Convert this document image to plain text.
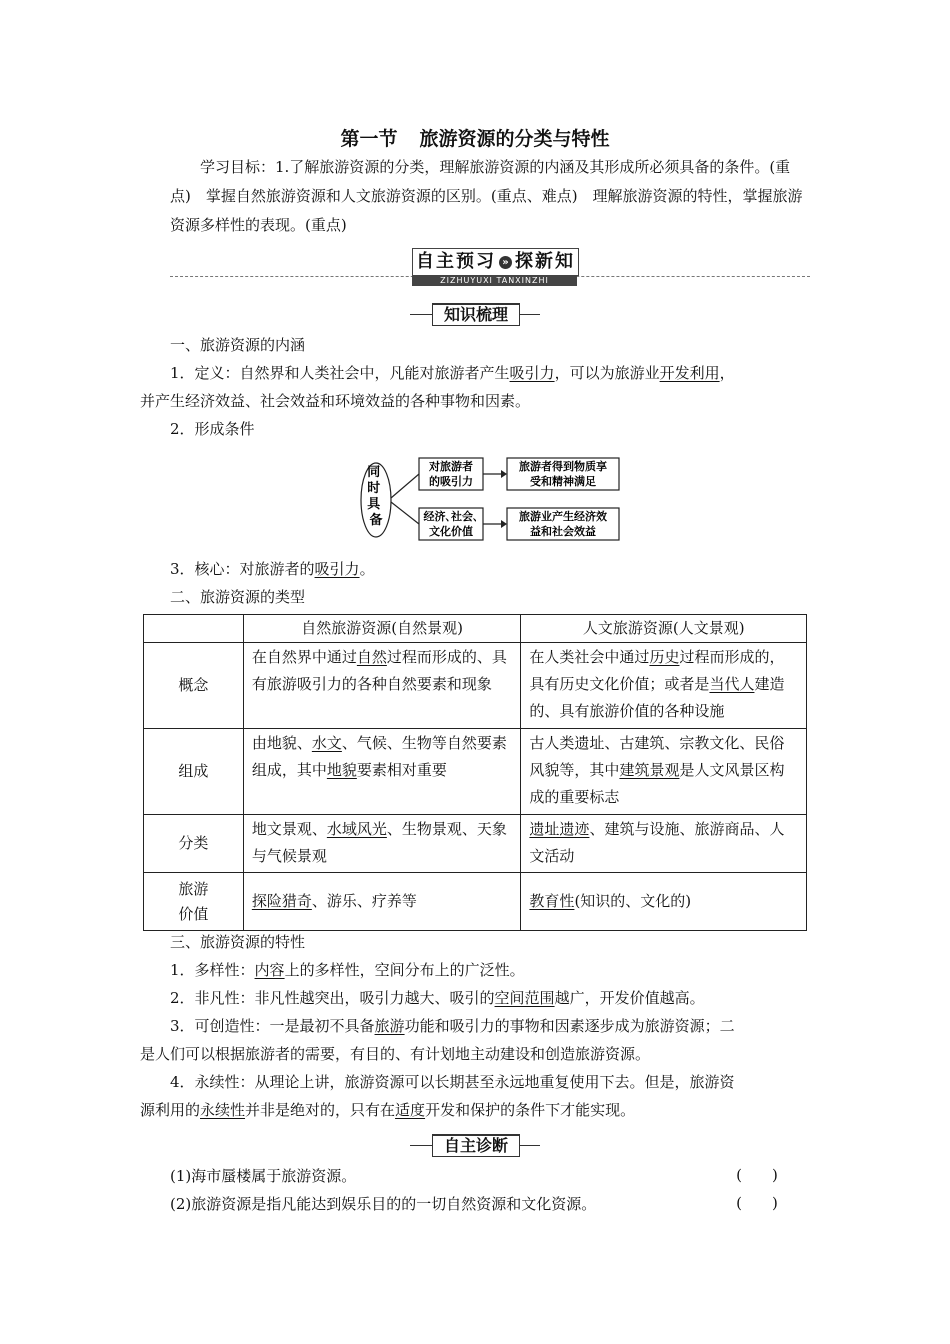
第一节 旅游资源的分类与特性
学习目标：1.了解旅游资源的分类，理解旅游资源的内涵及其形成所必须具备的条件。(重点)　掌握自然旅游资源和人文旅游资源的区别。(重点、难点)　理解旅游资源的特性，掌握旅游资源多样性的表现。(重点)
自主预习 » 探新知
ZIZHUYUXI TANXINZHI
知识梳理
一、旅游资源的内涵
1．定义：自然界和人类社会中，凡能对旅游者产生吸引力，可以为旅游业开发利用，
并产生经济效益、社会效益和环境效益的各种事物和因素。
2．形成条件
同 时 具 备
对旅游者
的吸引力
经济､社会､
文化价值
旅游者得到物质享
受和精神满足
旅游业产生经济效
益和社会效益
3．核心：对旅游者的吸引力。
二、旅游资源的类型
	自然旅游资源(自然景观)	人文旅游资源(人文景观)
概念	在自然界中通过自然过程而形成的、具有旅游吸引力的各种自然要素和现象	在人类社会中通过历史过程而形成的，具有历史文化价值；或者是当代人建造的、具有旅游价值的各种设施
组成	由地貌、水文、气候、生物等自然要素组成，其中地貌要素相对重要	古人类遗址、古建筑、宗教文化、民俗风貌等，其中建筑景观是人文风景区构成的重要标志
分类	地文景观、水域风光、生物景观、天象与气候景观	遗址遗迹、建筑与设施、旅游商品、人文活动
旅游
价值	探险猎奇、游乐、疗养等	教育性(知识的、文化的)
三、旅游资源的特性
1．多样性：内容上的多样性，空间分布上的广泛性。
2．非凡性：非凡性越突出，吸引力越大、吸引的空间范围越广，开发价值越高。
3．可创造性：一是最初不具备旅游功能和吸引力的事物和因素逐步成为旅游资源；二
是人们可以根据旅游者的需要，有目的、有计划地主动建设和创造旅游资源。
4．永续性：从理论上讲，旅游资源可以长期甚至永远地重复使用下去。但是，旅游资
源利用的永续性并非是绝对的，只有在适度开发和保护的条件下才能实现。
自主诊断
(1)海市蜃楼属于旅游资源。	(　　)
(2)旅游资源是指凡能达到娱乐目的的一切自然资源和文化资源。	(　　)
